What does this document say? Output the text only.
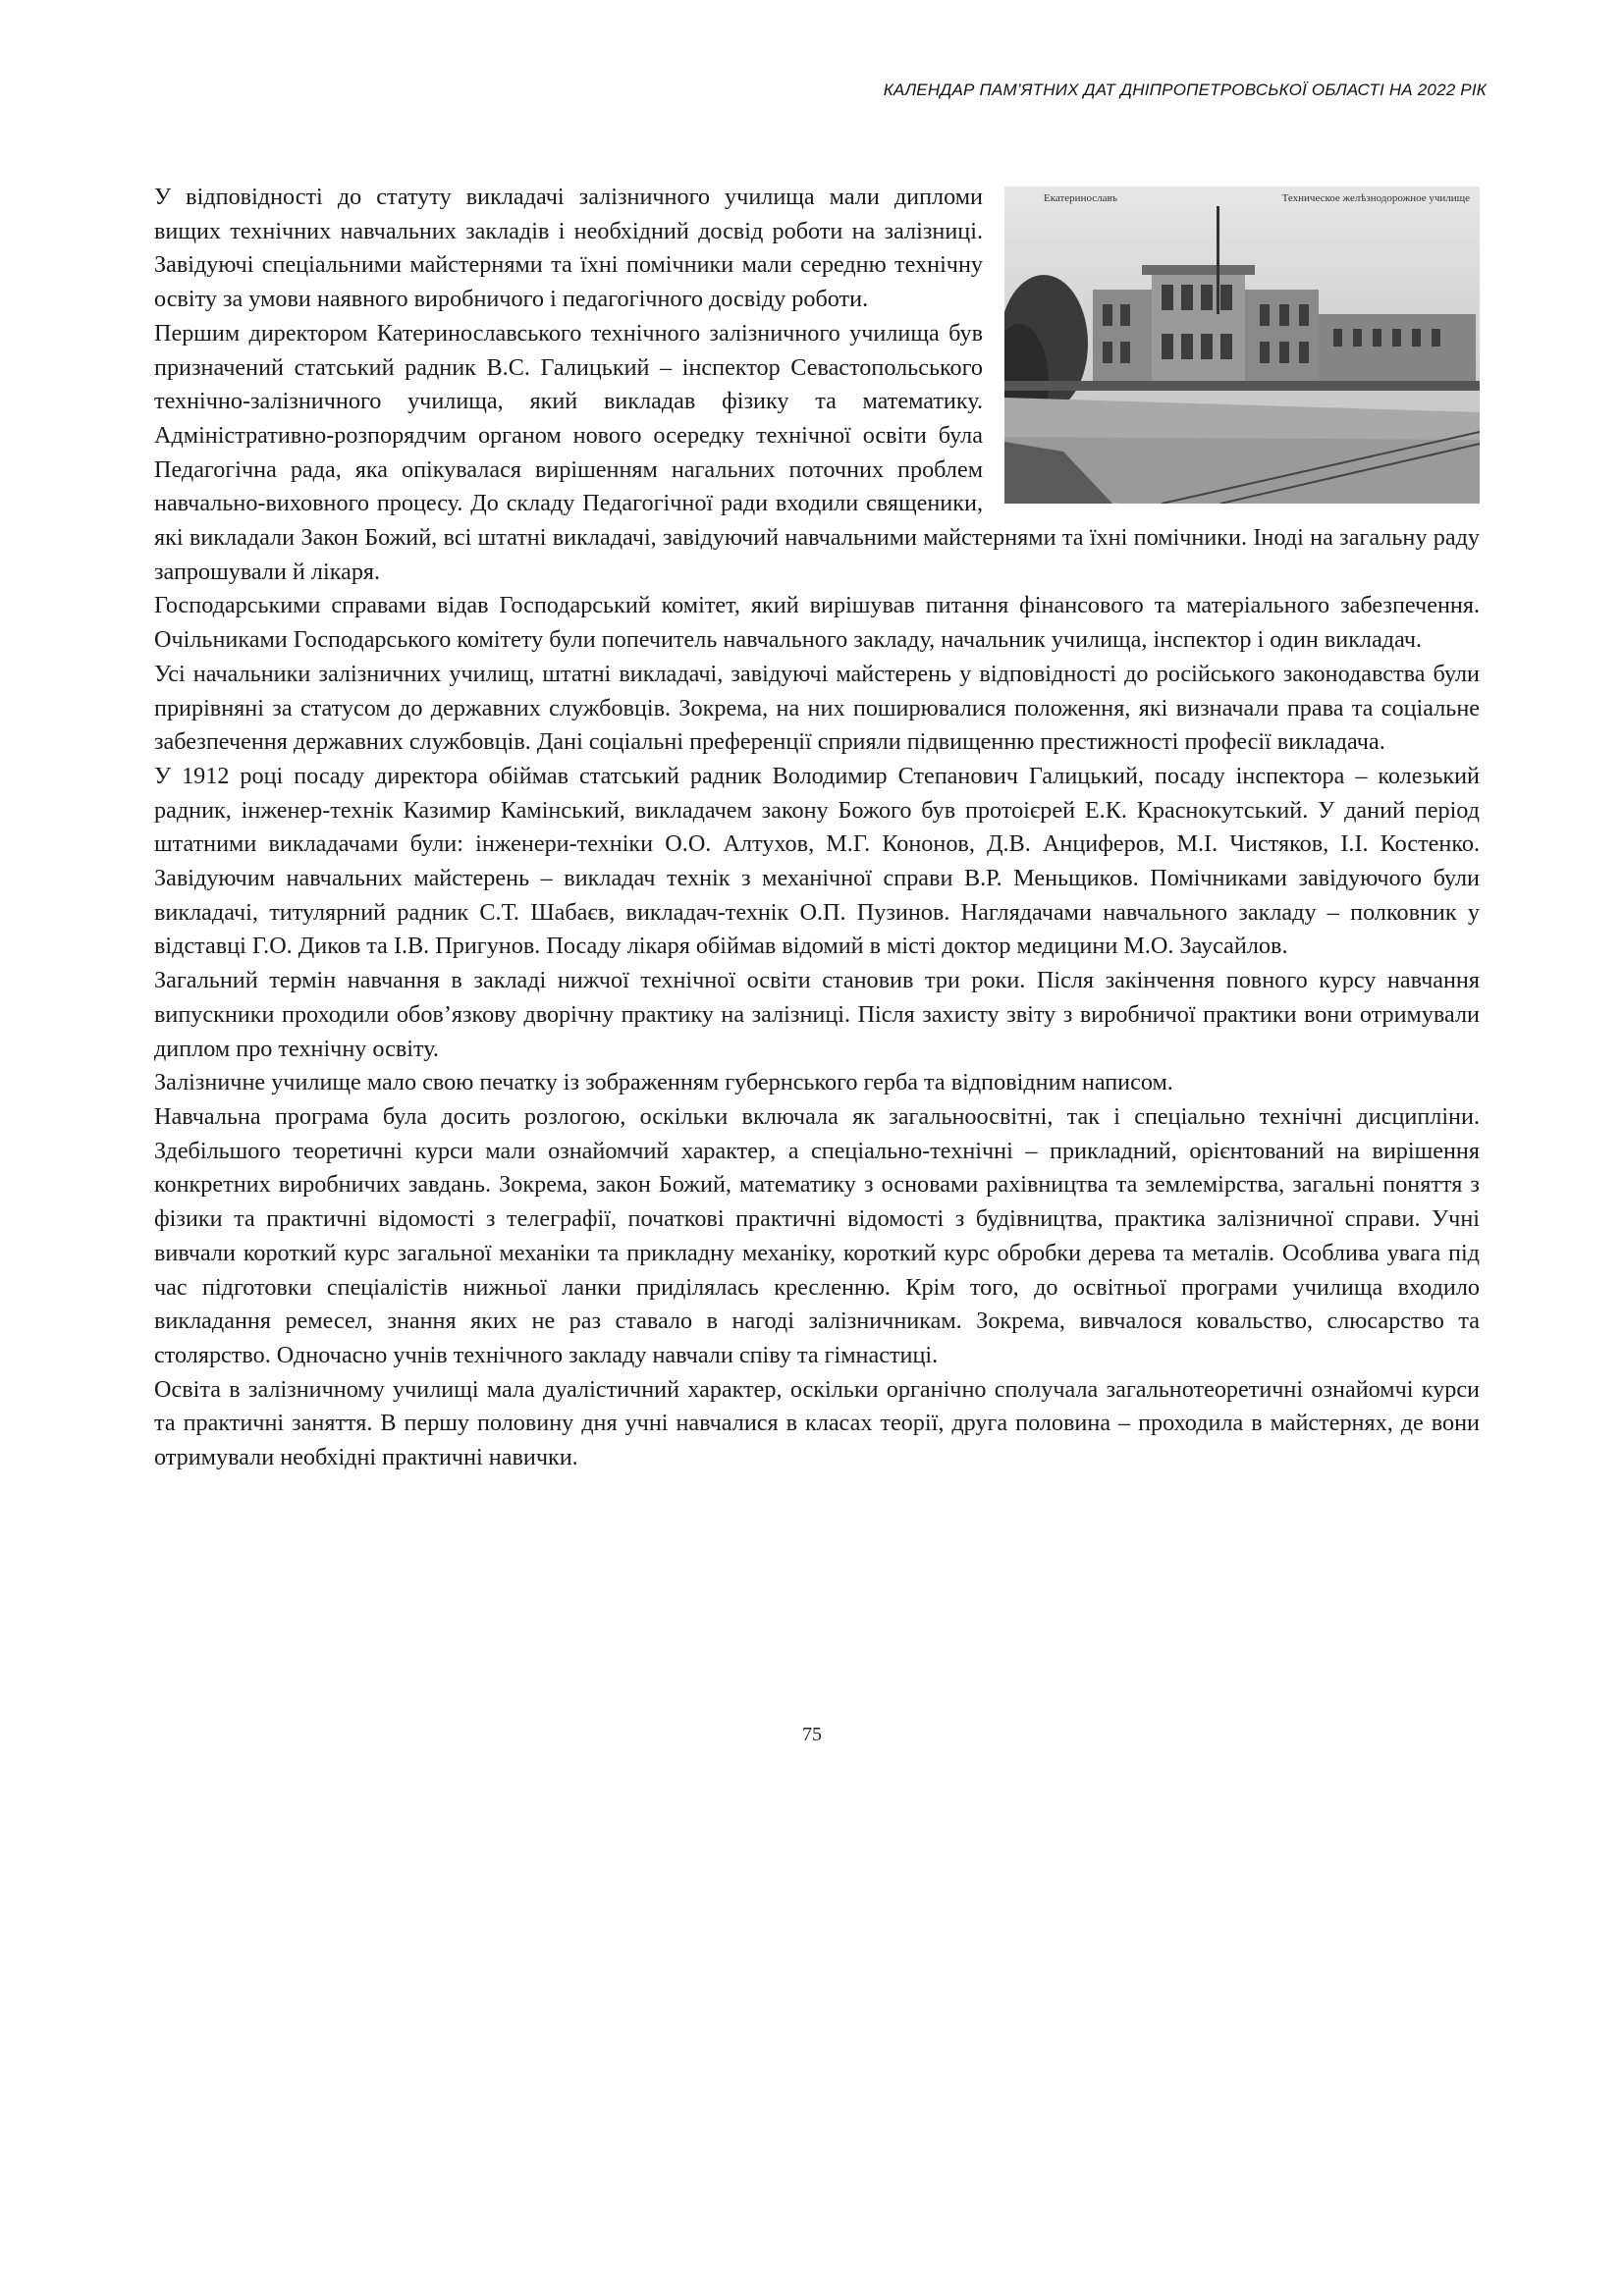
КАЛЕНДАР ПАМ’ЯТНИХ ДАТ ДНІПРОПЕТРОВСЬКОЇ ОБЛАСТІ НА 2022 РІК
Екатеринославъ	Техническое желѣзнодорожное училище

У відповідності до статуту викладачі залізничного училища мали дипломи вищих технічних навчальних закладів і необхідний досвід роботи на залізниці. Завідуючі спеціальними майстернями та їхні помічники мали середню технічну освіту за умови наявного виробничого і педагогічного досвіду роботи.

Першим директором Катеринославського технічного залізничного училища був призначений статський радник В.С. Галицький – інспектор Севастопольського технічно-залізничного училища, який викладав фізику та математику. Адміністративно-розпорядчим органом нового осередку технічної освіти була Педагогічна рада, яка опікувалася вирішенням нагальних поточних проблем навчально-виховного процесу. До складу Педагогічної ради входили священики, які викладали Закон Божий, всі штатні викладачі, завідуючий навчальними майстернями та їхні помічники. Іноді на загальну раду запрошували й лікаря.

Господарськими справами відав Господарський комітет, який вирішував питання фінансового та матеріального забезпечення. Очільниками Господарського комітету були попечитель навчального закладу, начальник училища, інспектор і один викладач.

Усі начальники залізничних училищ, штатні викладачі, завідуючі майстерень у відповідності до російського законодавства були прирівняні за статусом до державних службовців. Зокрема, на них поширювалися положення, які визначали права та соціальне забезпечення державних службовців. Дані соціальні преференції сприяли підвищенню престижності професії викладача.

У 1912 році посаду директора обіймав статський радник Володимир Степанович Галицький, посаду інспектора – колезький радник, інженер-технік Казимир Камінський, викладачем закону Божого був протоієрей Е.К. Краснокутський. У даний період штатними викладачами були: інженери-техніки О.О. Алтухов, М.Г. Кононов, Д.В. Анциферов, М.І. Чистяков, І.І. Костенко. Завідуючим навчальних майстерень – викладач технік з механічної справи В.Р. Меньщиков. Помічниками завідуючого були викладачі, титулярний радник С.Т. Шабаєв, викладач-технік О.П. Пузинов. Наглядачами навчального закладу – полковник у відставці Г.О. Диков та І.В. Пригунов. Посаду лікаря обіймав відомий в місті доктор медицини М.О. Заусайлов.

Загальний термін навчання в закладі нижчої технічної освіти становив три роки. Після закінчення повного курсу навчання випускники проходили обов’язкову дворічну практику на залізниці. Після захисту звіту з виробничої практики вони отримували диплом про технічну освіту.

Залізничне училище мало свою печатку із зображенням губернського герба та відповідним написом.

Навчальна програма була досить розлогою, оскільки включала як загальноосвітні, так і спеціально технічні дисципліни. Здебільшого теоретичні курси мали ознайомчий характер, а спеціально-технічні – прикладний, орієнтований на вирішення конкретних виробничих завдань. Зокрема, закон Божий, математику з основами рахівництва та землемірства, загальні поняття з фізики та практичні відомості з телеграфії, початкові практичні відомості з будівництва, практика залізничної справи. Учні вивчали короткий курс загальної механіки та прикладну механіку, короткий курс обробки дерева та металів. Особлива увага під час підготовки спеціалістів нижньої ланки приділялась кресленню. Крім того, до освітньої програми училища входило викладання ремесел, знання яких не раз ставало в нагоді залізничникам. Зокрема, вивчалося ковальство, слюсарство та столярство. Одночасно учнів технічного закладу навчали співу та гімнастиці.

Освіта в залізничному училищі мала дуалістичний характер, оскільки органічно сполучала загальнотеоретичні ознайомчі курси та практичні заняття. В першу половину дня учні навчалися в класах теорії, друга половина – проходила в майстернях, де вони отримували необхідні практичні навички.

75
